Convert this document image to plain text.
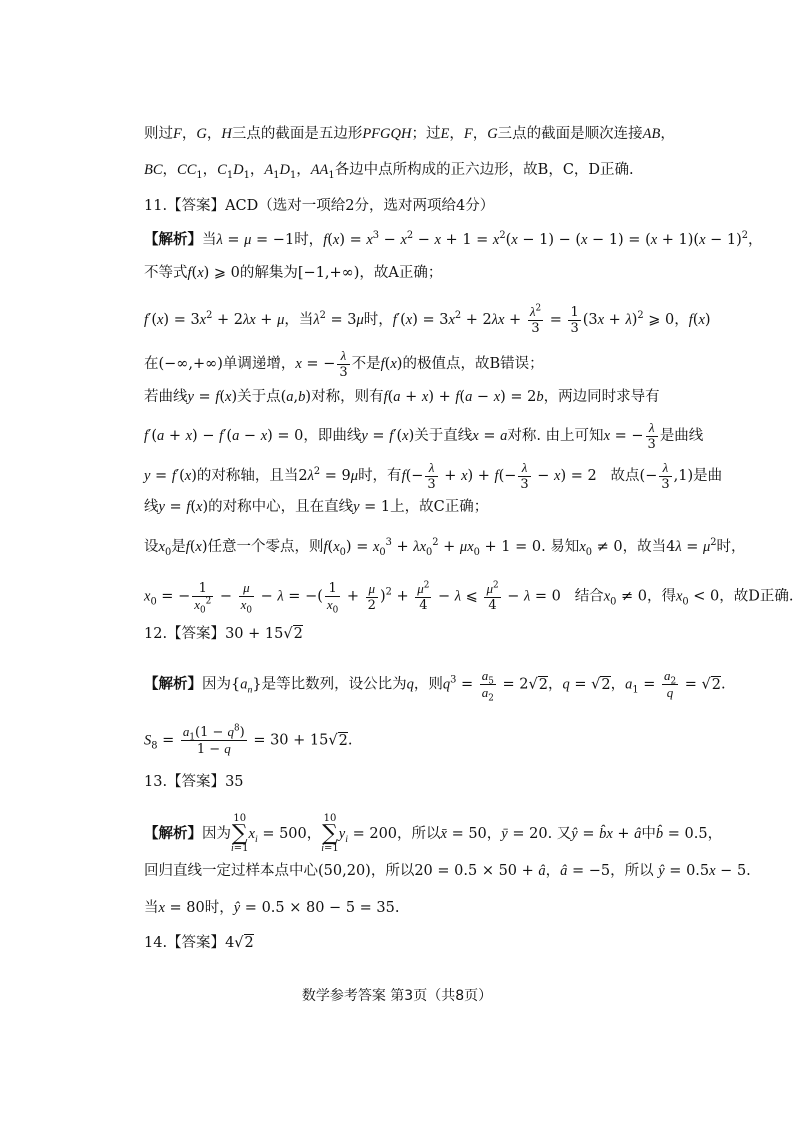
则过F，G，H三点的截面是五边形PFGQH；过E，F，G三点的截面是顺次连接AB，
BC，$CC_1$，$C_1D_1$，$A_1D_1$，$AA_1$各边中点所构成的正六边形，故B，C，D正确.
11.【答案】ACD（选对一项给2分，选对两项给4分）
【解析】当λ = μ = −1时，$f(x) = x^3 - x^2 - x + 1 = x^2(x - 1) - (x - 1) = (x + 1)(x - 1)^2$，
不等式f(x) ⩾ 0的解集为[−1,+∞)，故A正确；
$f'(x) = 3x^2 + 2\lambda x + \mu$，当$\lambda^2 = 3\mu$时，$f'(x) = 3x^2 + 2\lambda x + \frac{\lambda^2}{3} = \frac{1}{3} (3x + \lambda)^2$ ⩾ 0，f(x)
在(−∞,+∞)单调递增，x = − $\frac{\lambda}{3}$ 不是f(x)的极值点，故B错误；
若曲线y = f(x)关于点(a,b)对称，则有f(a + x) + f(a − x) = 2b，两边同时求导有
f′(a + x) − f′(a − x) = 0，即曲线y = f′(x)关于直线x = a对称. 由上可知x = − $\frac{\lambda}{3}$ 是曲线
y = f′(x)的对称轴，且当$2\lambda^2 = 9\mu$时，有$f(- \frac{\lambda}{3} + x) + f(- \frac{\lambda}{3} - x) = 2$   故点(− $\frac{\lambda}{3} ,1$)是曲
线y = f(x)的对称中心，且在直线y = 1上，故C正确；
设$x_0$是f(x)任意一个零点，则$f(x_0) = x_0^3 + \lambda x_0^2 + \mu x_0 + 1 = 0$. 易知$x_0 \ne 0$，故当$4\lambda = \mu^2$时，
$x_0$ = − $\frac{1}{x_0^2} - \frac{\mu}{x_0} - \lambda$ = −( $\frac{1}{x_0} + \frac{\mu}{2} )^2 + \frac{\mu^2}{4} - \lambda$ ⩽ $\frac{\mu^2}{4} - \lambda = 0$   结合$x_0 \ne 0$，得$x_0 < 0$，故D正确.
12.【答案】30 + 15√2
【解析】因为$\{a_n\}$是等比数列，设公比为q，则$q^3 = \frac{a_5}{a_2} = 2√2$，q = √2，$a_1 = \frac{a_2}{q} = √2$.
$S_8 = \frac{a_1(1 - q^8)}{1 - q} = 30 + 15√2$.
13.【答案】35
【解析】因为
10
∑
i=1
$x_i = 500$，
10
∑
i=1
$y_i = 200$，所以x̄ = 50，ȳ = 20. 又ŷ = b̂x + â中b̂ = 0.5，
回归直线一定过样本点中心(50,20)，所以20 = 0.5 × 50 + â，â = −5，所以 ŷ = 0.5x − 5.
当x = 80时，ŷ = 0.5 × 80 − 5 = 35.
14.【答案】4√2
数学参考答案 第3页（共8页）
